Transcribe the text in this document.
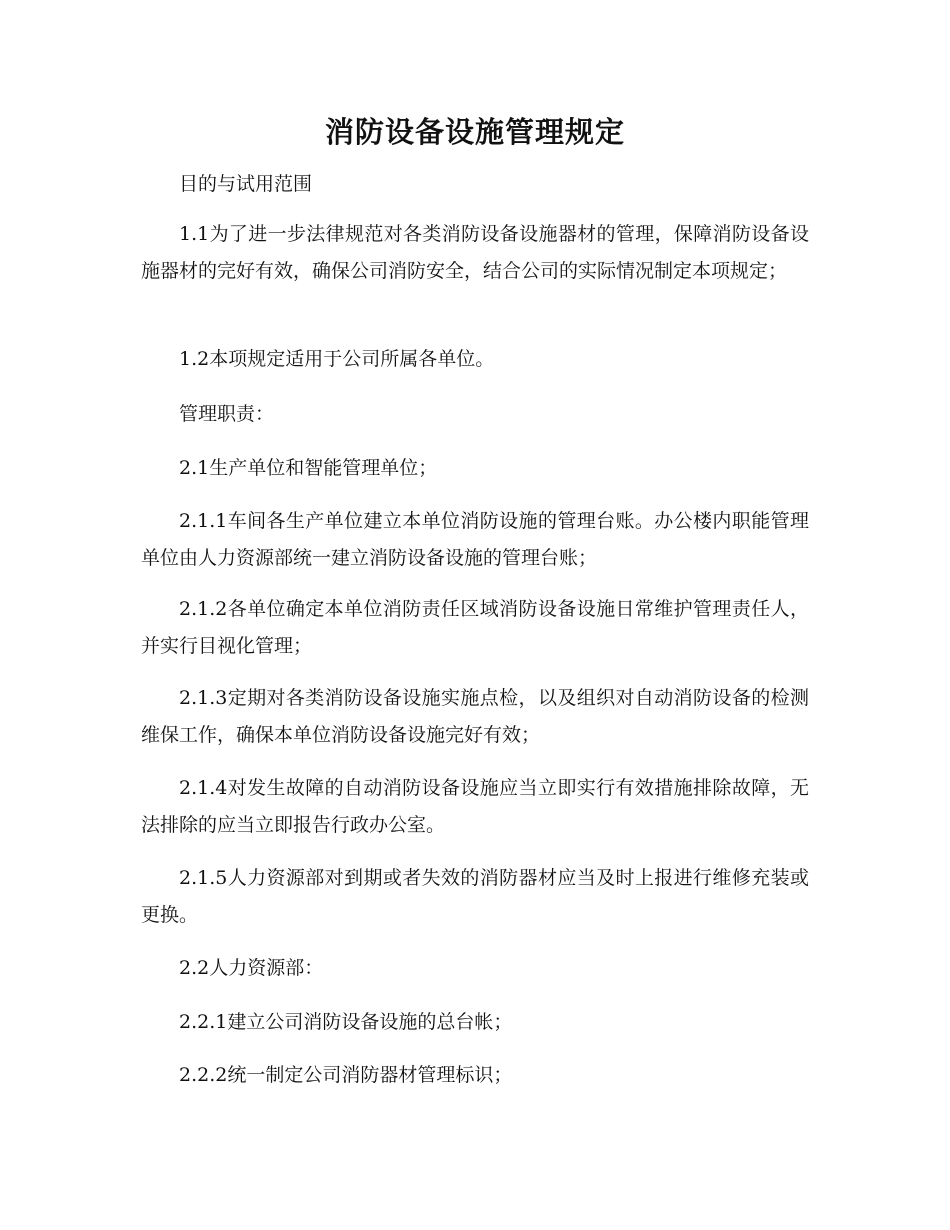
消防设备设施管理规定

目的与试用范围

1.1为了进一步法律规范对各类消防设备设施器材的管理，保障消防设备设施器材的完好有效，确保公司消防安全，结合公司的实际情况制定本项规定；

1.2本项规定适用于公司所属各单位。

管理职责：

2.1生产单位和智能管理单位；

2.1.1车间各生产单位建立本单位消防设施的管理台账。办公楼内职能管理单位由人力资源部统一建立消防设备设施的管理台账；

2.1.2各单位确定本单位消防责任区域消防设备设施日常维护管理责任人，并实行目视化管理；

2.1.3定期对各类消防设备设施实施点检，以及组织对自动消防设备的检测维保工作，确保本单位消防设备设施完好有效；

2.1.4对发生故障的自动消防设备设施应当立即实行有效措施排除故障，无法排除的应当立即报告行政办公室。

2.1.5人力资源部对到期或者失效的消防器材应当及时上报进行维修充装或更换。

2.2人力资源部：

2.2.1建立公司消防设备设施的总台帐；

2.2.2统一制定公司消防器材管理标识；
